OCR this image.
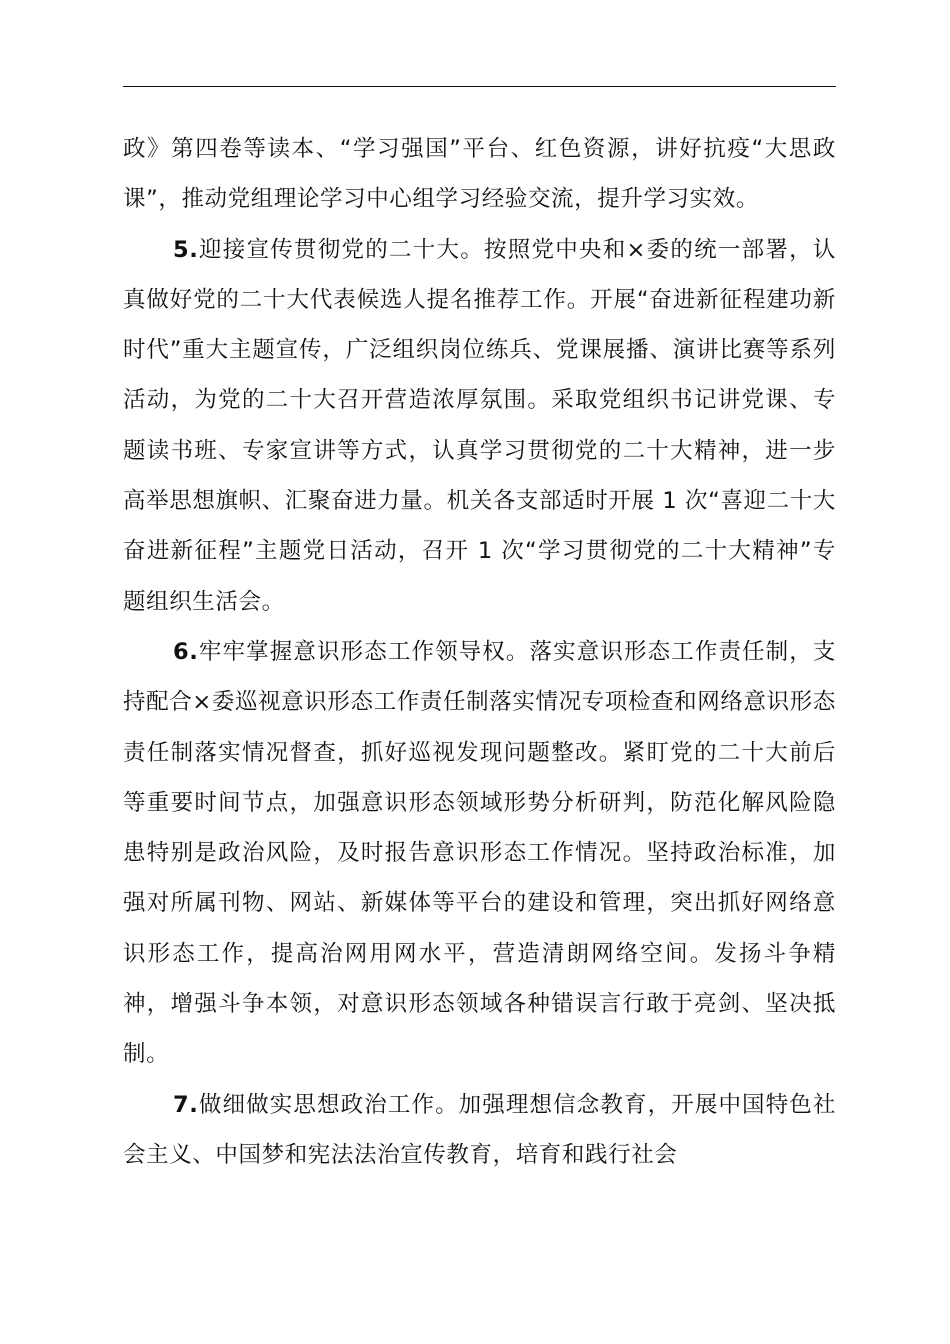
政》第四卷等读本、“学习强国”平台、红色资源，讲好抗疫“大思政课”，推动党组理论学习中心组学习经验交流，提升学习实效。

5.迎接宣传贯彻党的二十大。按照党中央和×委的统一部署，认真做好党的二十大代表候选人提名推荐工作。开展“奋进新征程建功新时代”重大主题宣传，广泛组织岗位练兵、党课展播、演讲比赛等系列活动，为党的二十大召开营造浓厚氛围。采取党组织书记讲党课、专题读书班、专家宣讲等方式，认真学习贯彻党的二十大精神，进一步高举思想旗帜、汇聚奋进力量。机关各支部适时开展 1 次“喜迎二十大奋进新征程”主题党日活动，召开 1 次“学习贯彻党的二十大精神”专题组织生活会。

6.牢牢掌握意识形态工作领导权。落实意识形态工作责任制，支持配合×委巡视意识形态工作责任制落实情况专项检查和网络意识形态责任制落实情况督查，抓好巡视发现问题整改。紧盯党的二十大前后等重要时间节点，加强意识形态领域形势分析研判，防范化解风险隐患特别是政治风险，及时报告意识形态工作情况。坚持政治标准，加强对所属刊物、网站、新媒体等平台的建设和管理，突出抓好网络意识形态工作，提高治网用网水平，营造清朗网络空间。发扬斗争精神，增强斗争本领，对意识形态领域各种错误言行敢于亮剑、坚决抵制。

7.做细做实思想政治工作。加强理想信念教育，开展中国特色社会主义、中国梦和宪法法治宣传教育，培育和践行社会
